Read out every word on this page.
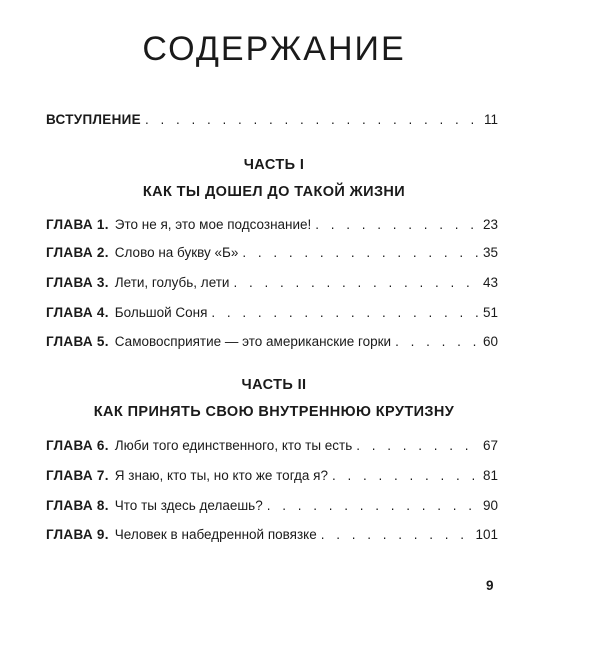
СОДЕРЖАНИЕ
ВСТУПЛЕНИЕ . . .	11
ЧАСТЬ I
КАК ТЫ ДОШЕЛ ДО ТАКОЙ ЖИЗНИ
ГЛАВА 1. Это не я, это мое подсознание! . . .	23
ГЛАВА 2. Слово на букву «Б» . . .	35
ГЛАВА 3. Лети, голубь, лети . . .	43
ГЛАВА 4. Большой Соня . . .	51
ГЛАВА 5. Самовосприятие — это американские горки . . .	60
ЧАСТЬ II
КАК ПРИНЯТЬ СВОЮ ВНУТРЕННЮЮ КРУТИЗНУ
ГЛАВА 6. Люби того единственного, кто ты есть . . .	67
ГЛАВА 7. Я знаю, кто ты, но кто же тогда я? . . .	81
ГЛАВА 8. Что ты здесь делаешь? . . .	90
ГЛАВА 9. Человек в набедренной повязке . . .	101
9
